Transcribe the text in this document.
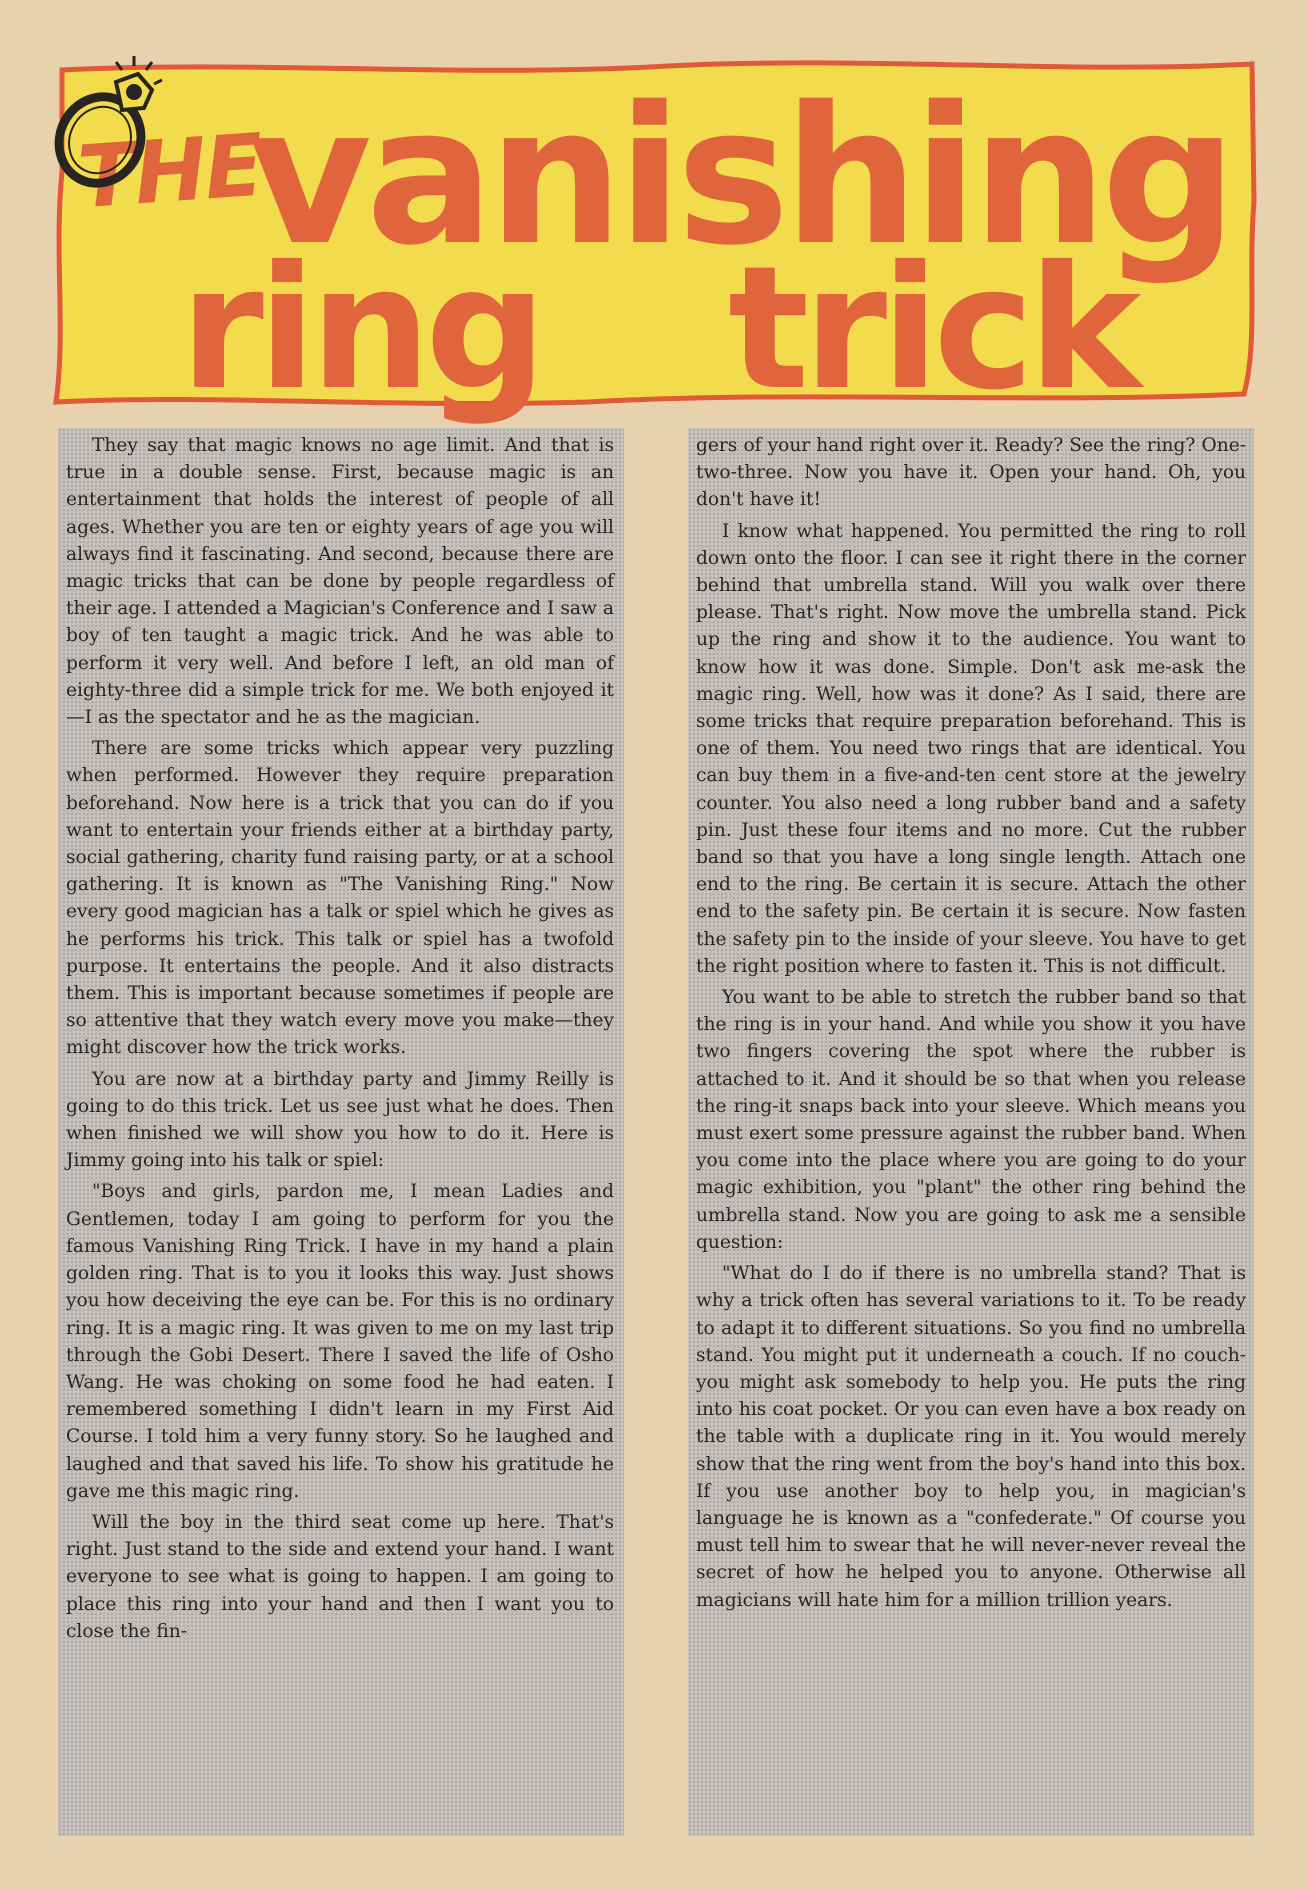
THE
vanishing
ring trick

They say that magic knows no age limit. And that is true in a double sense. First, because magic is an entertainment that holds the interest of people of all ages. Whether you are ten or eighty years of age you will always find it fascinating. And second, because there are magic tricks that can be done by people regardless of their age. I attended a Magician's Conference and I saw a boy of ten taught a magic trick. And he was able to perform it very well. And before I left, an old man of eighty-three did a simple trick for me. We both enjoyed it—I as the spectator and he as the magician.

There are some tricks which appear very puzzling when performed. However they require preparation beforehand. Now here is a trick that you can do if you want to entertain your friends either at a birthday party, social gathering, charity fund raising party, or at a school gathering. It is known as "The Vanishing Ring." Now every good magician has a talk or spiel which he gives as he performs his trick. This talk or spiel has a twofold purpose. It entertains the people. And it also distracts them. This is important because sometimes if people are so attentive that they watch every move you make—they might discover how the trick works.

You are now at a birthday party and Jimmy Reilly is going to do this trick. Let us see just what he does. Then when finished we will show you how to do it. Here is Jimmy going into his talk or spiel:

"Boys and girls, pardon me, I mean Ladies and Gentlemen, today I am going to perform for you the famous Vanishing Ring Trick. I have in my hand a plain golden ring. That is to you it looks this way. Just shows you how deceiving the eye can be. For this is no ordinary ring. It is a magic ring. It was given to me on my last trip through the Gobi Desert. There I saved the life of Osho Wang. He was choking on some food he had eaten. I remembered something I didn't learn in my First Aid Course. I told him a very funny story. So he laughed and laughed and that saved his life. To show his gratitude he gave me this magic ring.

Will the boy in the third seat come up here. That's right. Just stand to the side and extend your hand. I want everyone to see what is going to happen. I am going to place this ring into your hand and then I want you to close the fin-

gers of your hand right over it. Ready? See the ring? One-two-three. Now you have it. Open your hand. Oh, you don't have it!

I know what happened. You permitted the ring to roll down onto the floor. I can see it right there in the corner behind that umbrella stand. Will you walk over there please. That's right. Now move the umbrella stand. Pick up the ring and show it to the audience. You want to know how it was done. Simple. Don't ask me-ask the magic ring. Well, how was it done? As I said, there are some tricks that require preparation beforehand. This is one of them. You need two rings that are identical. You can buy them in a five-and-ten cent store at the jewelry counter. You also need a long rubber band and a safety pin. Just these four items and no more. Cut the rubber band so that you have a long single length. Attach one end to the ring. Be certain it is secure. Attach the other end to the safety pin. Be certain it is secure. Now fasten the safety pin to the inside of your sleeve. You have to get the right position where to fasten it. This is not difficult.

You want to be able to stretch the rubber band so that the ring is in your hand. And while you show it you have two fingers covering the spot where the rubber is attached to it. And it should be so that when you release the ring-it snaps back into your sleeve. Which means you must exert some pressure against the rubber band. When you come into the place where you are going to do your magic exhibition, you "plant" the other ring behind the umbrella stand. Now you are going to ask me a sensible question:

"What do I do if there is no umbrella stand? That is why a trick often has several variations to it. To be ready to adapt it to different situations. So you find no umbrella stand. You might put it underneath a couch. If no couch-you might ask somebody to help you. He puts the ring into his coat pocket. Or you can even have a box ready on the table with a duplicate ring in it. You would merely show that the ring went from the boy's hand into this box. If you use another boy to help you, in magician's language he is known as a "confederate." Of course you must tell him to swear that he will never-never reveal the secret of how he helped you to anyone. Otherwise all magicians will hate him for a million trillion years.
